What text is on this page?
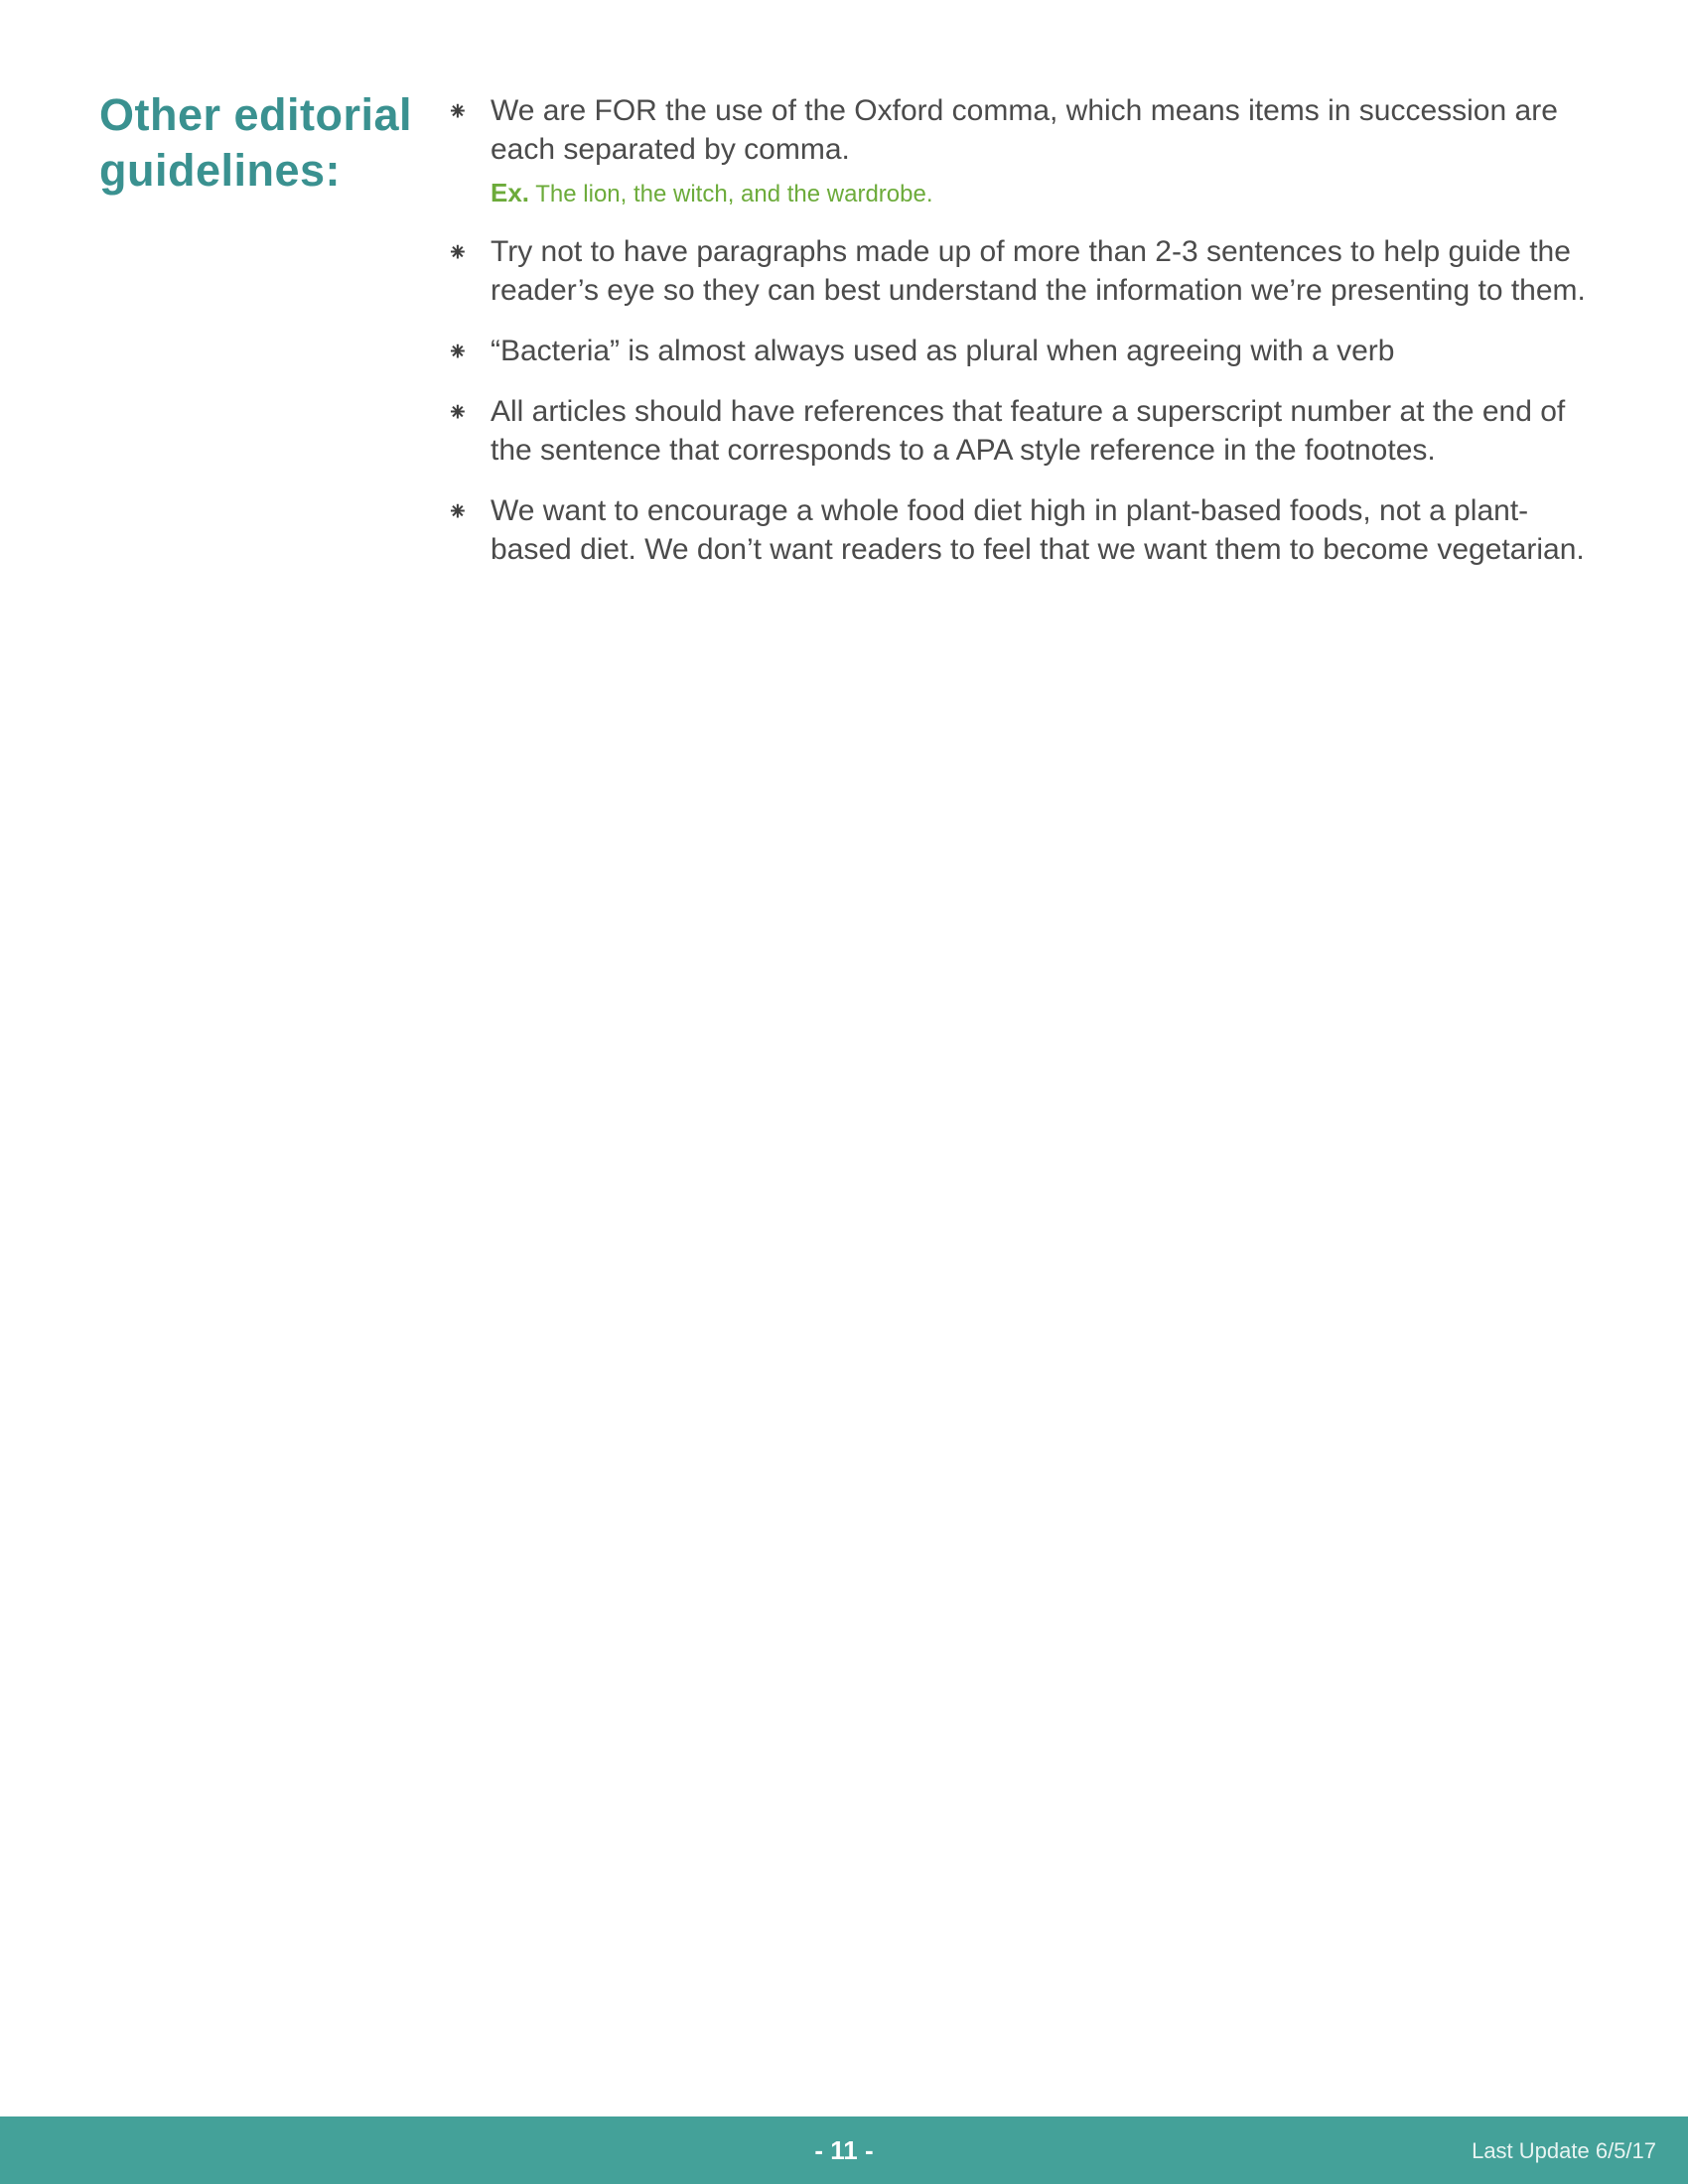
Other editorial guidelines:
⁕ We are FOR the use of the Oxford comma, which means items in succession are each separated by comma.
Ex. The lion, the witch, and the wardrobe.
⁕ Try not to have paragraphs made up of more than 2-3 sentences to help guide the reader’s eye so they can best understand the information we’re presenting to them.
⁕ “Bacteria” is almost always used as plural when agreeing with a verb
⁕ All articles should have references that feature a superscript number at the end of the sentence that corresponds to a APA style reference in the footnotes.
⁕ We want to encourage a whole food diet high in plant-based foods, not a plant-based diet. We don’t want readers to feel that we want them to become vegetarian.
- 11 -	Last Update 6/5/17
